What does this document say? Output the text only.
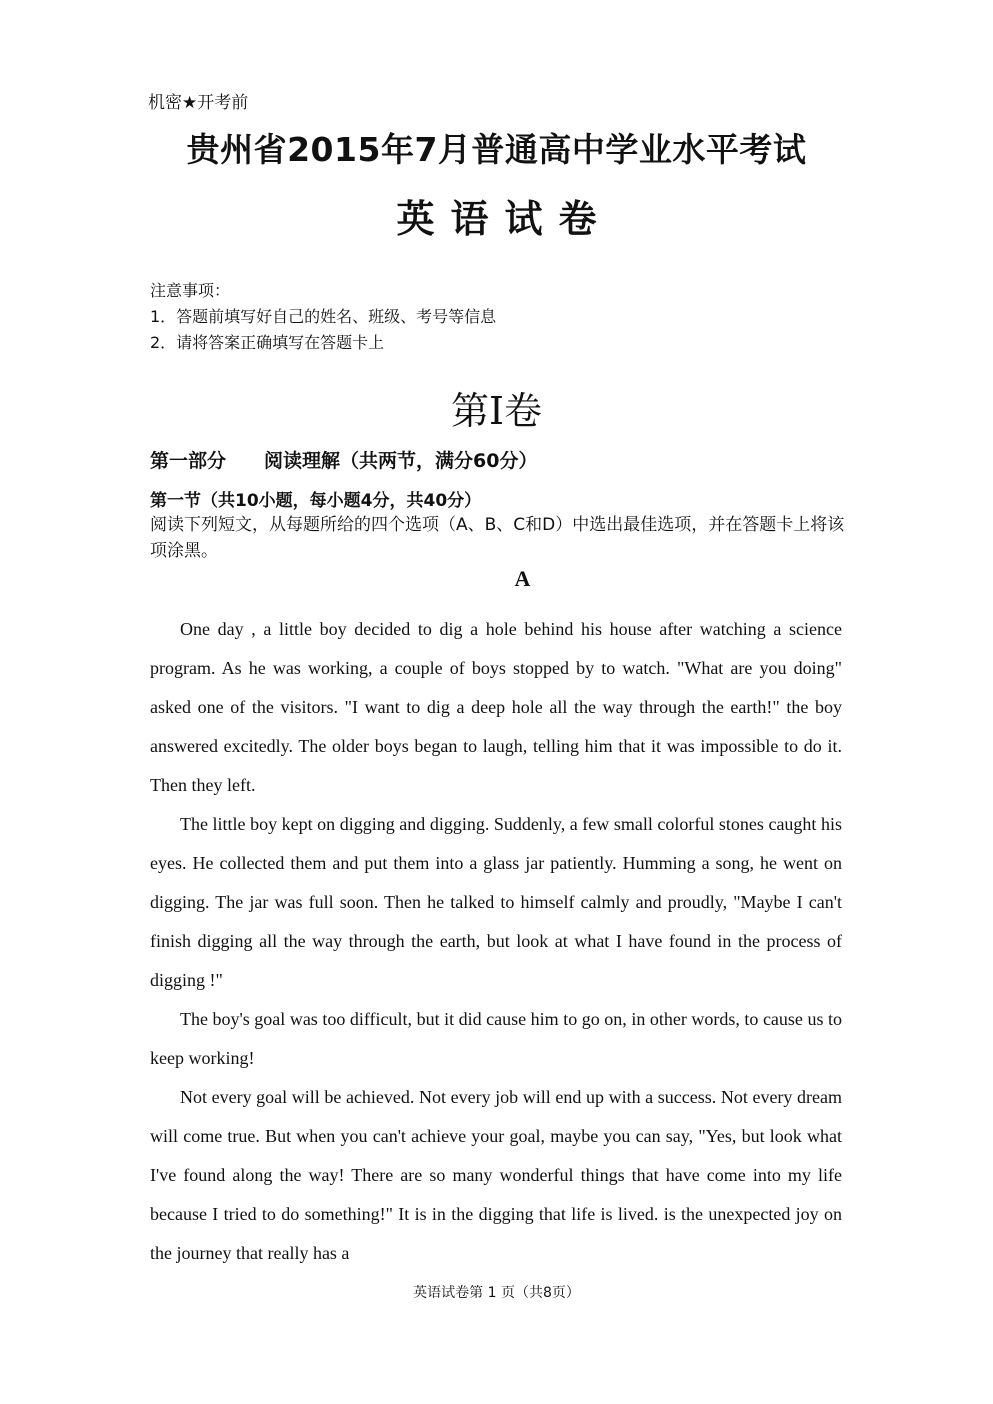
机密★开考前
贵州省2015年7月普通高中学业水平考试
英语试卷
注意事项：
1．答题前填写好自己的姓名、班级、考号等信息
2．请将答案正确填写在答题卡上
第Ⅰ卷
第一部分　　阅读理解（共两节，满分60分）
第一节（共10小题，每小题4分，共40分）
阅读下列短文，从每题所给的四个选项（A、B、C和D）中选出最佳选项，并在答题卡上将该项涂黑。
A

One day , a little boy decided to dig a hole behind his house after watching a science program. As he was working, a couple of boys stopped by to watch. "What are you doing" asked one of the visitors. "I want to dig a deep hole all the way through the earth!" the boy answered excitedly. The older boys began to laugh, telling him that it was impossible to do it. Then they left.

The little boy kept on digging and digging. Suddenly, a few small colorful stones caught his eyes. He collected them and put them into a glass jar patiently. Humming a song, he went on digging. The jar was full soon. Then he talked to himself calmly and proudly, "Maybe I can't finish digging all the way through the earth, but look at what I have found in the process of digging !"

The boy's goal was too difficult, but it did cause him to go on, in other words, to cause us to keep working!

Not every goal will be achieved. Not every job will end up with a success. Not every dream will come true. But when you can't achieve your goal, maybe you can say, "Yes, but look what I've found along the way! There are so many wonderful things that have come into my life because I tried to do something!" It is in the digging that life is lived. is the unexpected joy on the journey that really has a

英语试卷第 1 页（共8页）
